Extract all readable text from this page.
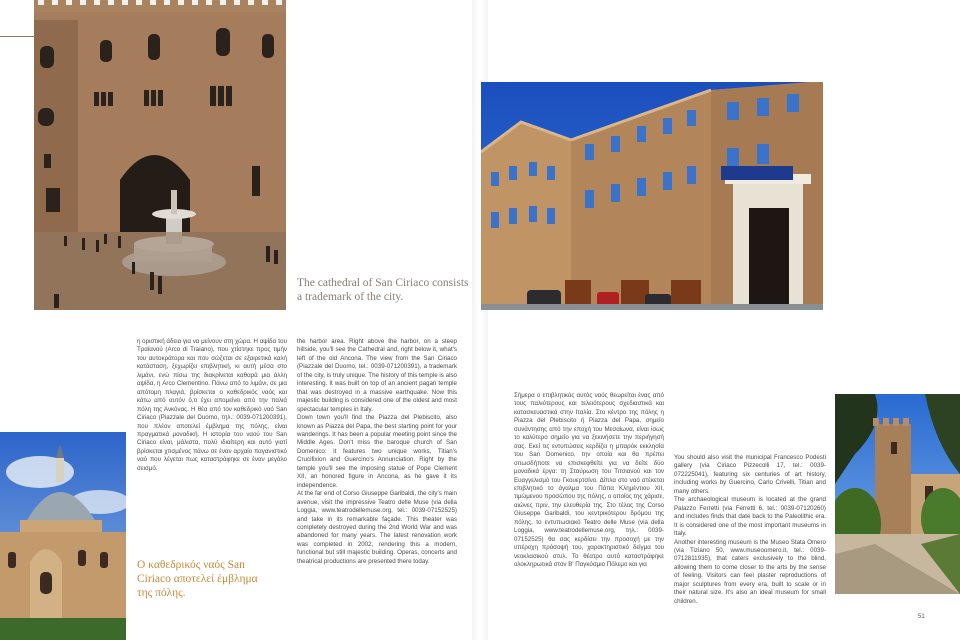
The cathedral of San Ciriaco consists a trademark of the city.
Ο καθεδρικός ναός San Ciriaco αποτελεί έμβλημα της πόλης.

η οριστική άδεια για να μείνουν στη χώρα. Η αψίδα του Τραϊανού (Arco di Traiano), που χτίστηκε προς τιμήν του αυτοκράτορα και που σώζεται σε εξαιρετικά καλή κατάσταση, ξεχωρίζει επιβλητική, κι αυτή μέσα στο λιμάνι, ενώ πίσω της διακρίνεται καθαρά μια άλλη αψίδα, η Arco Clementino. Πάνω από το λιμάνι, σε μια απότομη πλαγιά, βρίσκεται ο καθεδρικός ναός και κάτω από αυτόν ό,τι έχει απομείνει από την παλιά πόλη της Ανκόνας. Η θέα από τον καθεδρικό ναό San Ciriaco (Piazzale del Duomo, τηλ.: 0039-071200391), που πλέον αποτελεί έμβλημα της πόλης, είναι πραγματικά μοναδική. Η ιστορία του ναού του San Ciriaco είναι, μάλιστα, πολύ ιδιαίτερη και αυτό γιατί βρίσκεται χτισμένος πάνω σε έναν αρχαίο παγανιστικό ναό που λέγεται πως καταστράφηκε σε έναν μεγάλο σεισμό.

the harbor area. Right above the harbor, on a steep hillside, you'll see the Cathedral and, right below it, what's left of the old Ancona. The view from the San Ciriaco (Piazzale del Duomo, tel.: 0039-071200391), a trademark of the city, is truly unique. The history of this temple is also interesting. It was built on top of an ancient pagan temple that was destroyed in a massive earthquake. Now this majestic building is considered one of the oldest and most spectacular temples in Italy.

Down town you'll find the Piazza del Plebiscito, also known as Piazza del Papa, the best starting point for your wanderings. It has been a popular meeting point since the Middle Ages. Don't miss the baroque church of San Domenico: it features two unique works, Titian's Crucifixion and Guercino's Annunciation. Right by the temple you'll see the imposing statue of Pope Clement XII, an honored figure in Ancona, as he gave it its independence.

At the far end of Corso Giuseppe Garibaldi, the city's main avenue, visit the impressive Teatro delle Muse (via della Loggia, www.teatrodellemuse.org, tel.: 0039-07152525) and take in its remarkable façade. This theater was completely destroyed during the 2nd World War and was abandoned for many years. The latest renovation work was completed in 2002, rendering this a modern, functional but still majestic building. Operas, concerts and theatrical productions are presented there today.

Σήμερα ο επιβλητικός αυτός ναός θεωρείται ένας από τους παλιότερους και τελειότερους σχεδιαστικά και κατασκευαστικά στην Ιταλία. Στο κέντρο της πόλης η Piazza del Plebiscito ή Piazza del Papa, σημείο συνάντησης από την εποχή του Μεσαίωνα, είναι ίσως το καλύτερο σημείο για να ξεκινήσετε την περιήγησή σας. Εκεί τις εντυπώσεις κερδίζει η μπαρόκ εκκλησία του San Domenico, την οποία και θα πρέπει οπωσδήποτε να επισκεφθείτε για να δείτε δύο μοναδικά έργα: τη Σταύρωση του Τιτσιανού και τον Ευαγγελισμό του Γκουερτσίνο. Δίπλα στο ναό στέκεται επιβλητικό το άγαλμα του Πάπα Κλημέντιου XII, τιμώμενου προσώπου της πόλης, ο οποίος της χάρισε, αιώνες πριν, την ελευθερία της. Στο τέλος της Corso Giuseppe Garibaldi, του κεντρικότερου δρόμου της πόλης, το εντυπωσιακό Teatro delle Muse (via della Loggia, www.teatrodellemuse.org, τηλ.: 0039-07152525) θα σας κερδίσει την προσοχή με την υπέροχη πρόσοψή του, χαρακτηριστικό δείγμα του νεοκλασικού στυλ. Το θέατρο αυτό καταστράφηκε ολοκληρωτικά στον Β' Παγκόσμιο Πόλεμο και για

You should also visit the municipal Francesco Podesti gallery (via Ciriaco Pizzecolli 17, tel.: 0039-072225041), featuring six centuries of art history, including works by Guercino, Carlo Crivelli, Titian and many others.

The archaeological museum is located at the grand Palazzo Ferretti (via Ferretti 6, tel.: 0039-07120260) and includes finds that date back to the Paleolithic era. It is considered one of the most important museums in Italy.

Another interesting museum is the Museo Stata Omero (via Tiziano 50, www.museoomero.it, tel.: 0039-0712811935), that caters exclusively to the blind, allowing them to come closer to the arts by the sense of feeling. Visitors can feel plaster reproductions of major sculptures from every era, built to scale or in their natural size. It's also an ideal museum for small children.

51
